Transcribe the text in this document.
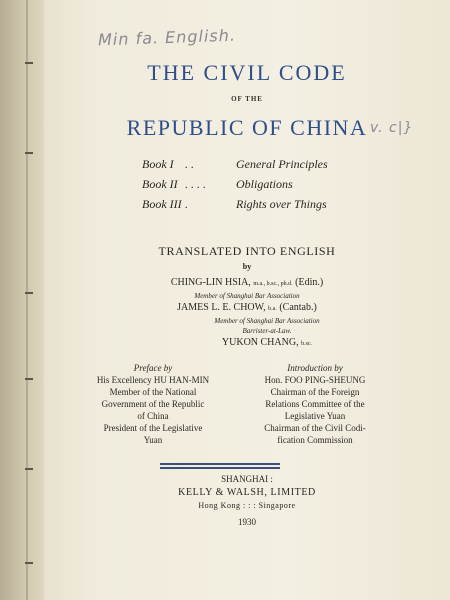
Min fa. English.
v. c|}
THE CIVIL CODE
OF THE
REPUBLIC OF CHINA
Book I . .	General Principles
Book II . . . .	Obligations
Book III .	Rights over Things
TRANSLATED INTO ENGLISH
by
CHING-LIN HSIA, m.a., b.sc., ph.d. (Edin.)
Member of Shanghai Bar Association
JAMES L. E. CHOW, b.a. (Cantab.)
Member of Shanghai Bar Association
Barrister-at-Law.
YUKON CHANG, b.sc.
Preface by
His Excellency HU HAN-MIN
Member of the National
Government of the Republic
of China
President of the Legislative
Yuan
Introduction by
Hon. FOO PING-SHEUNG
Chairman of the Foreign
Relations Committee of the
Legislative Yuan
Chairman of the Civil Codi-
fication Commission
SHANGHAI :
KELLY & WALSH, LIMITED
Hong Kong : : : Singapore
1930
